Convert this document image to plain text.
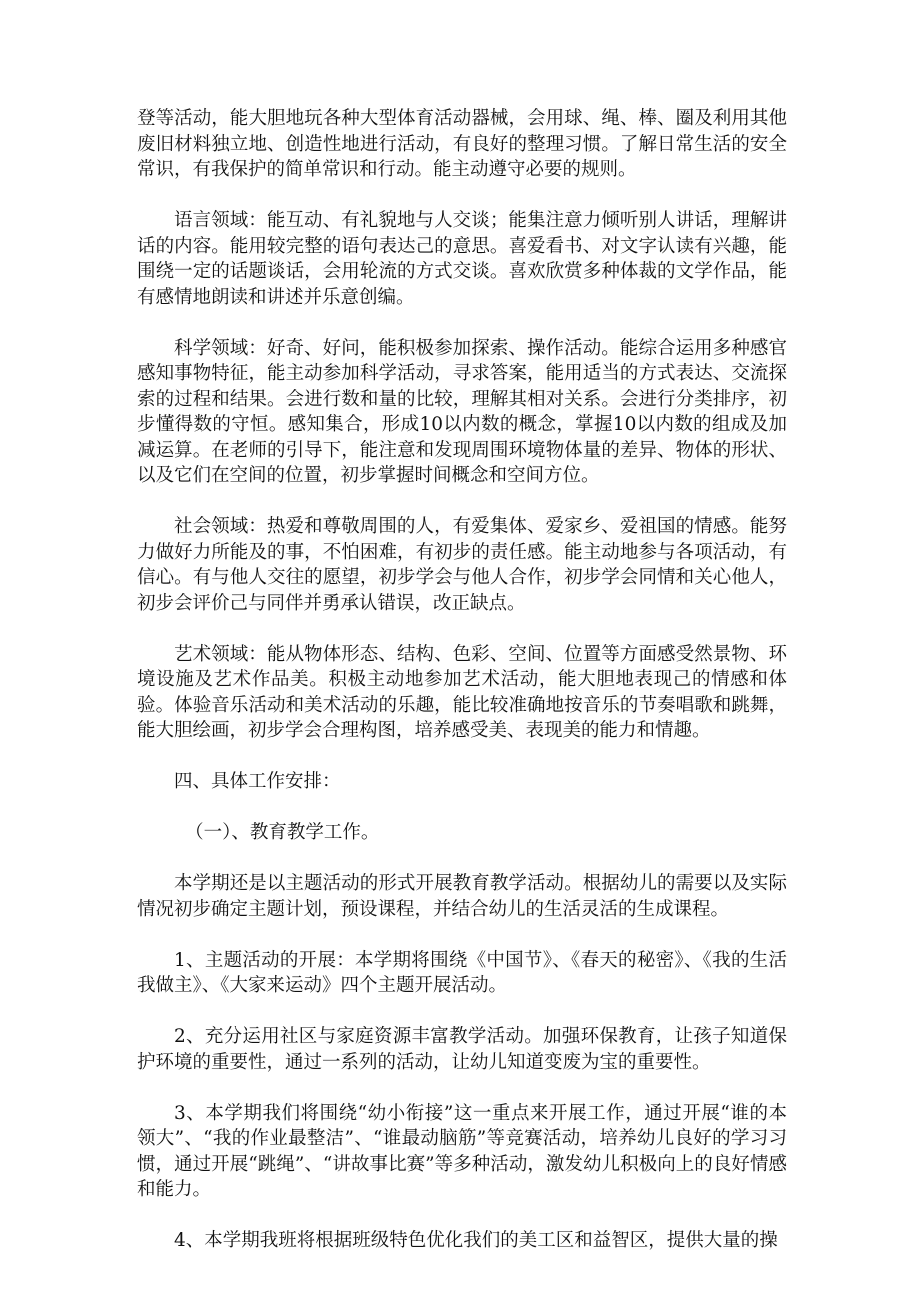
登等活动，能大胆地玩各种大型体育活动器械，会用球、绳、棒、圈及利用其他废旧材料独立地、创造性地进行活动，有良好的整理习惯。了解日常生活的安全常识，有我保护的简单常识和行动。能主动遵守必要的规则。

语言领域：能互动、有礼貌地与人交谈；能集注意力倾听别人讲话，理解讲话的内容。能用较完整的语句表达己的意思。喜爱看书、对文字认读有兴趣，能围绕一定的话题谈话，会用轮流的方式交谈。喜欢欣赏多种体裁的文学作品，能有感情地朗读和讲述并乐意创编。

科学领域：好奇、好问，能积极参加探索、操作活动。能综合运用多种感官感知事物特征，能主动参加科学活动，寻求答案，能用适当的方式表达、交流探索的过程和结果。会进行数和量的比较，理解其相对关系。会进行分类排序，初步懂得数的守恒。感知集合，形成10以内数的概念，掌握10以内数的组成及加减运算。在老师的引导下，能注意和发现周围环境物体量的差异、物体的形状、以及它们在空间的位置，初步掌握时间概念和空间方位。

社会领域：热爱和尊敬周围的人，有爱集体、爱家乡、爱祖国的情感。能努力做好力所能及的事，不怕困难，有初步的责任感。能主动地参与各项活动，有信心。有与他人交往的愿望，初步学会与他人合作，初步学会同情和关心他人，初步会评价己与同伴并勇承认错误，改正缺点。

艺术领域：能从物体形态、结构、色彩、空间、位置等方面感受然景物、环境设施及艺术作品美。积极主动地参加艺术活动，能大胆地表现己的情感和体验。体验音乐活动和美术活动的乐趣，能比较准确地按音乐的节奏唱歌和跳舞，能大胆绘画，初步学会合理构图，培养感受美、表现美的能力和情趣。

四、具体工作安排：

（一）、教育教学工作。

本学期还是以主题活动的形式开展教育教学活动。根据幼儿的需要以及实际情况初步确定主题计划，预设课程，并结合幼儿的生活灵活的生成课程。

1、主题活动的开展：本学期将围绕《中国节》、《春天的秘密》、《我的生活我做主》、《大家来运动》四个主题开展活动。

2、充分运用社区与家庭资源丰富教学活动。加强环保教育，让孩子知道保护环境的重要性，通过一系列的活动，让幼儿知道变废为宝的重要性。

3、本学期我们将围绕“幼小衔接”这一重点来开展工作，通过开展“谁的本领大”、“我的作业最整洁”、“谁最动脑筋”等竞赛活动，培养幼儿良好的学习习惯，通过开展“跳绳”、“讲故事比赛”等多种活动，激发幼儿积极向上的良好情感和能力。

4、本学期我班将根据班级特色优化我们的美工区和益智区，提供大量的操
